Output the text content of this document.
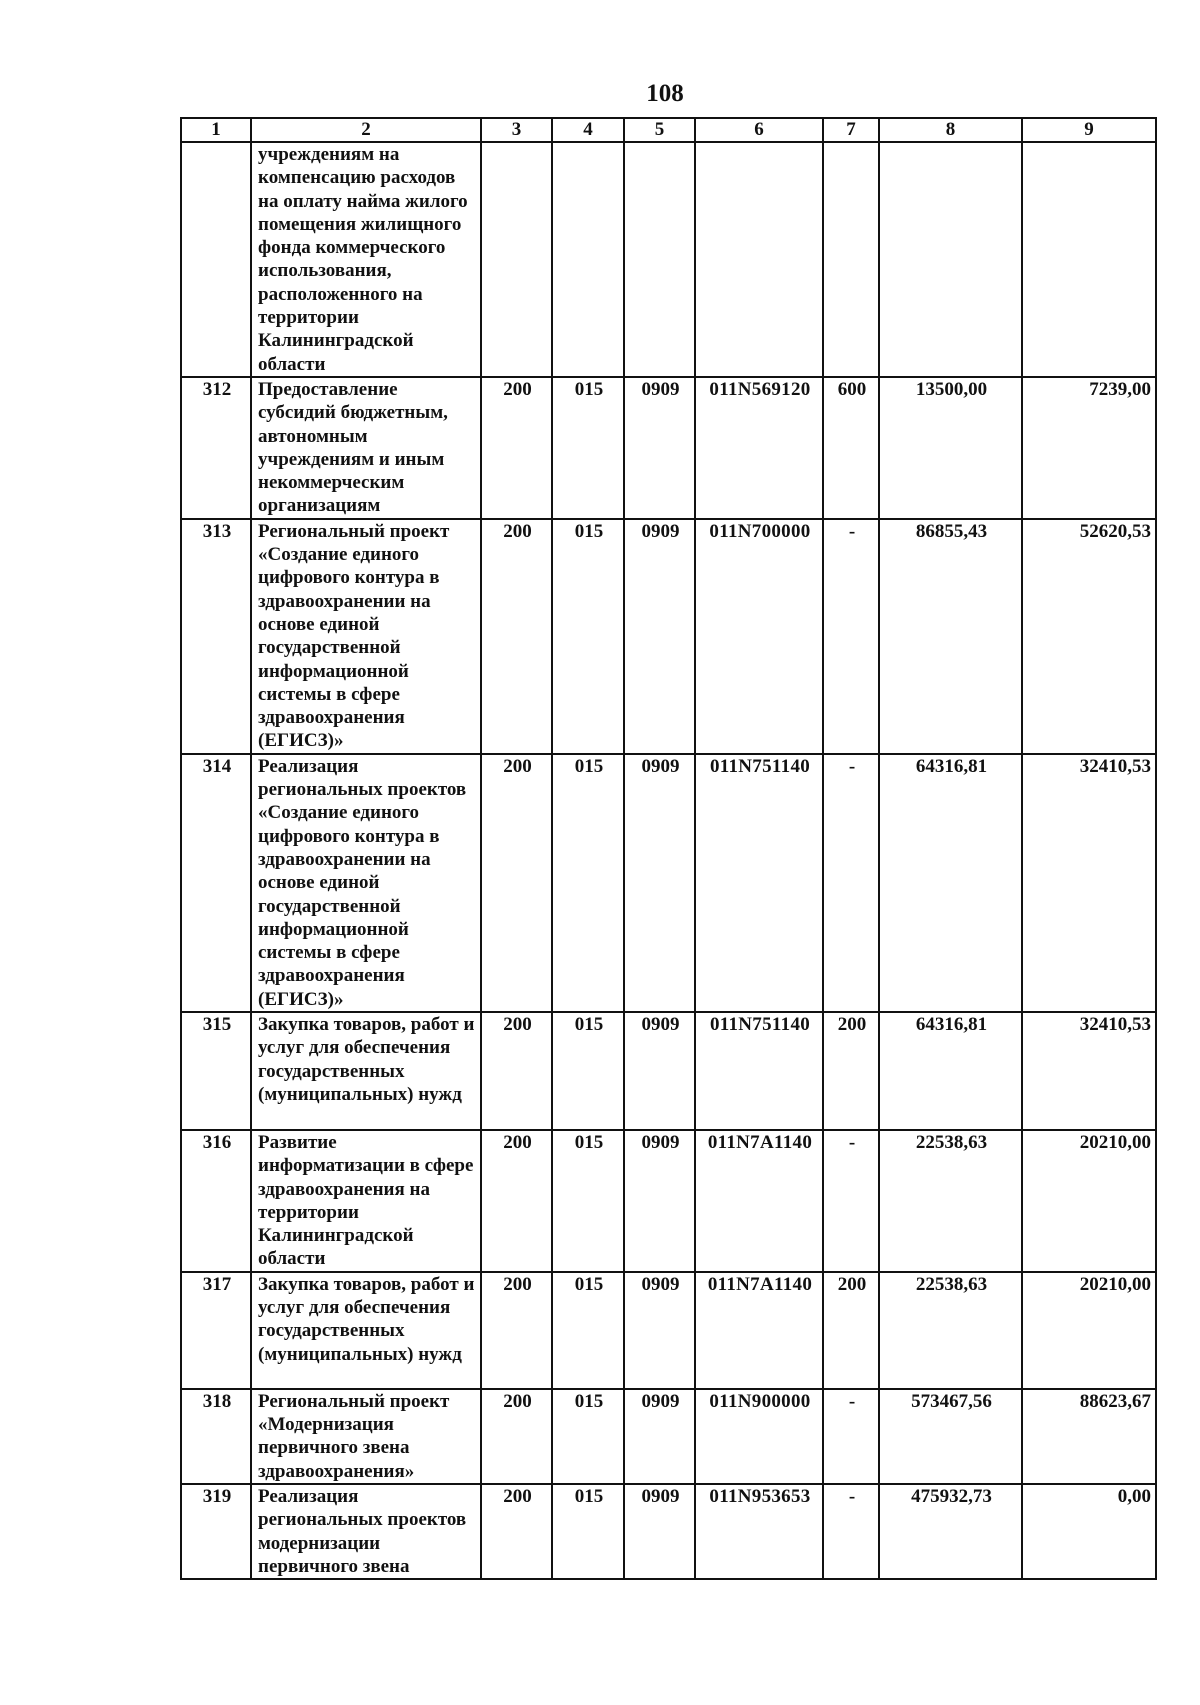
108
1	2	3	4	5	6	7	8	9
	учреждениям на компенсацию расходов на оплату найма жилого помещения жилищного фонда коммерческого использования, расположенного на территории Калининградской области							
312	Предоставление субсидий бюджетным, автономным учреждениям и иным некоммерческим организациям	200	015	0909	011N569120	600	13500,00	7239,00
313	Региональный проект «Создание единого цифрового контура в здравоохранении на основе единой государственной информационной системы в сфере здравоохранения (ЕГИСЗ)»	200	015	0909	011N700000	-	86855,43	52620,53
314	Реализация региональных проектов «Создание единого цифрового контура в здравоохранении на основе единой государственной информационной системы в сфере здравоохранения (ЕГИСЗ)»	200	015	0909	011N751140	-	64316,81	32410,53
315	Закупка товаров, работ и услуг для обеспечения государственных (муниципальных) нужд	200	015	0909	011N751140	200	64316,81	32410,53
316	Развитие информатизации в сфере здравоохранения на территории Калининградской области	200	015	0909	011N7A1140	-	22538,63	20210,00
317	Закупка товаров, работ и услуг для обеспечения государственных (муниципальных) нужд	200	015	0909	011N7A1140	200	22538,63	20210,00
318	Региональный проект «Модернизация первичного звена здравоохранения»	200	015	0909	011N900000	-	573467,56	88623,67
319	Реализация региональных проектов модернизации первичного звена	200	015	0909	011N953653	-	475932,73	0,00
